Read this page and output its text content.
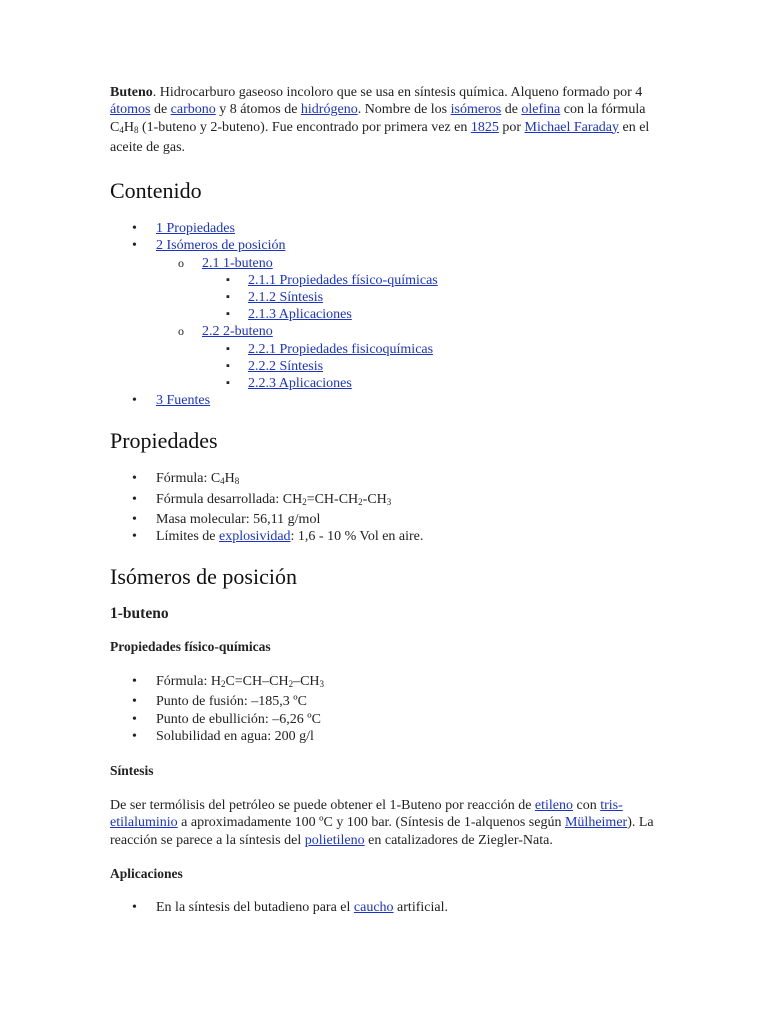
Buteno. Hidrocarburo gaseoso incoloro que se usa en síntesis química. Alqueno formado por 4 átomos de carbono y 8 átomos de hidrógeno. Nombre de los isómeros de olefina con la fórmula $C_4H_8$ (1-buteno y 2-buteno). Fue encontrado por primera vez en 1825 por Michael Faraday en el aceite de gas.

Contenido
• 1 Propiedades
• 2 Isómeros de posición
o 2.1 1-buteno
▪ 2.1.1 Propiedades físico-químicas
▪ 2.1.2 Síntesis
▪ 2.1.3 Aplicaciones
o 2.2 2-buteno
▪ 2.2.1 Propiedades fisicoquímicas
▪ 2.2.2 Síntesis
▪ 2.2.3 Aplicaciones
• 3 Fuentes
Propiedades
• Fórmula: $C_4H_8$
• Fórmula desarrollada: $CH_2=CH-CH_2-CH_3$
• Masa molecular: 56,11 g/mol
• Límites de explosividad: 1,6 - 10 % Vol en aire.
Isómeros de posición
1-buteno
Propiedades físico-químicas
• Fórmula: $H_2C=CH-CH_2-CH_3$
• Punto de fusión: –185,3 ºC
• Punto de ebullición: –6,26 ºC
• Solubilidad en agua: 200 g/l
Síntesis

De ser termólisis del petróleo se puede obtener el 1-Buteno por reacción de etileno con tris-etilaluminio a aproximadamente 100 ºC y 100 bar. (Síntesis de 1-alquenos según Mülheimer). La reacción se parece a la síntesis del polietileno en catalizadores de Ziegler-Nata.

Aplicaciones
• En la síntesis del butadieno para el caucho artificial.
